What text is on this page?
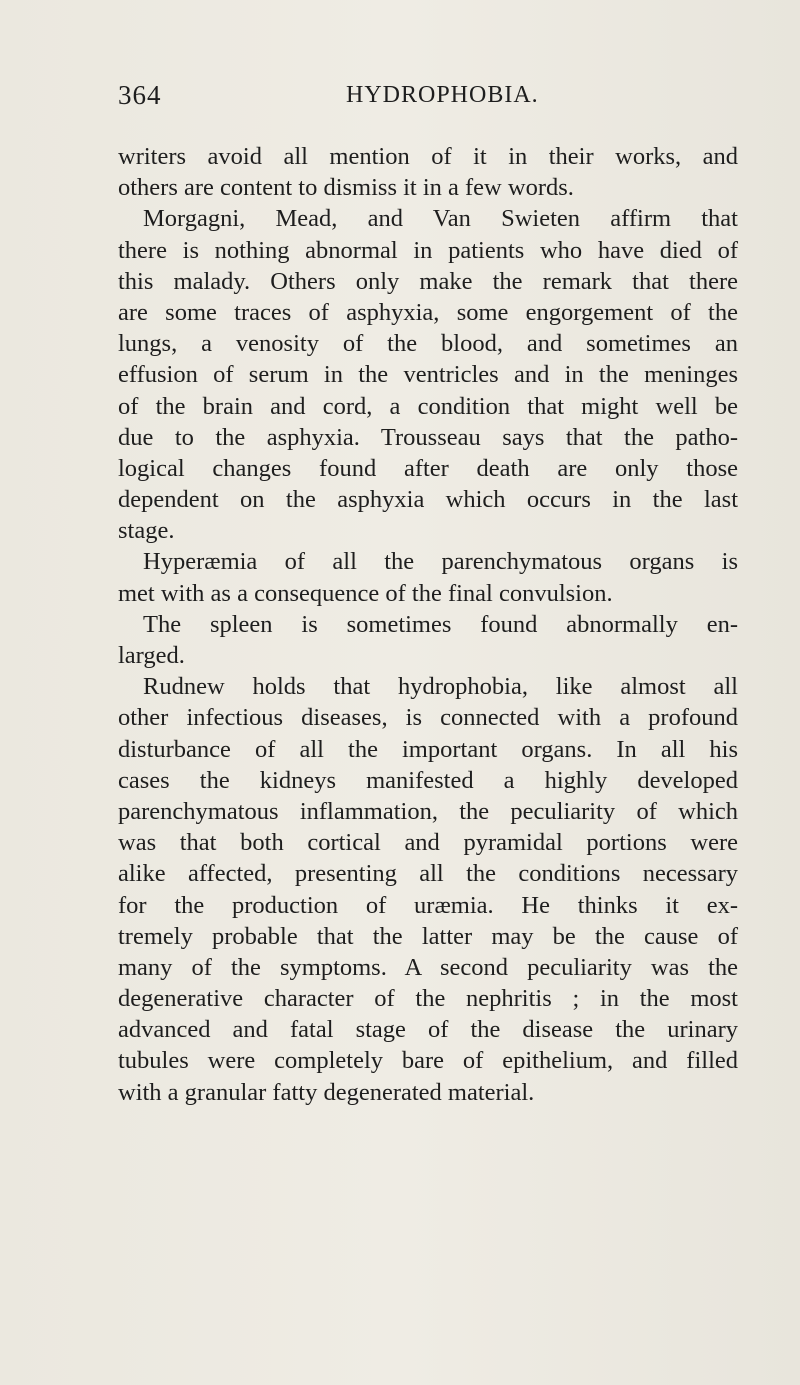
364	HYDROPHOBIA.
writers avoid all mention of it in their works, and
others are content to dismiss it in a few words.
Morgagni, Mead, and Van Swieten affirm that
there is nothing abnormal in patients who have died of
this malady. Others only make the remark that there
are some traces of asphyxia, some engorgement of the
lungs, a venosity of the blood, and sometimes an
effusion of serum in the ventricles and in the meninges
of the brain and cord, a condition that might well be
due to the asphyxia. Trousseau says that the patho-
logical changes found after death are only those
dependent on the asphyxia which occurs in the last
stage.
Hyperæmia of all the parenchymatous organs is
met with as a consequence of the final convulsion.
The spleen is sometimes found abnormally en-
larged.
Rudnew holds that hydrophobia, like almost all
other infectious diseases, is connected with a profound
disturbance of all the important organs. In all his
cases the kidneys manifested a highly developed
parenchymatous inflammation, the peculiarity of which
was that both cortical and pyramidal portions were
alike affected, presenting all the conditions necessary
for the production of uræmia. He thinks it ex-
tremely probable that the latter may be the cause of
many of the symptoms. A second peculiarity was the
degenerative character of the nephritis ; in the most
advanced and fatal stage of the disease the urinary
tubules were completely bare of epithelium, and filled
with a granular fatty degenerated material.
